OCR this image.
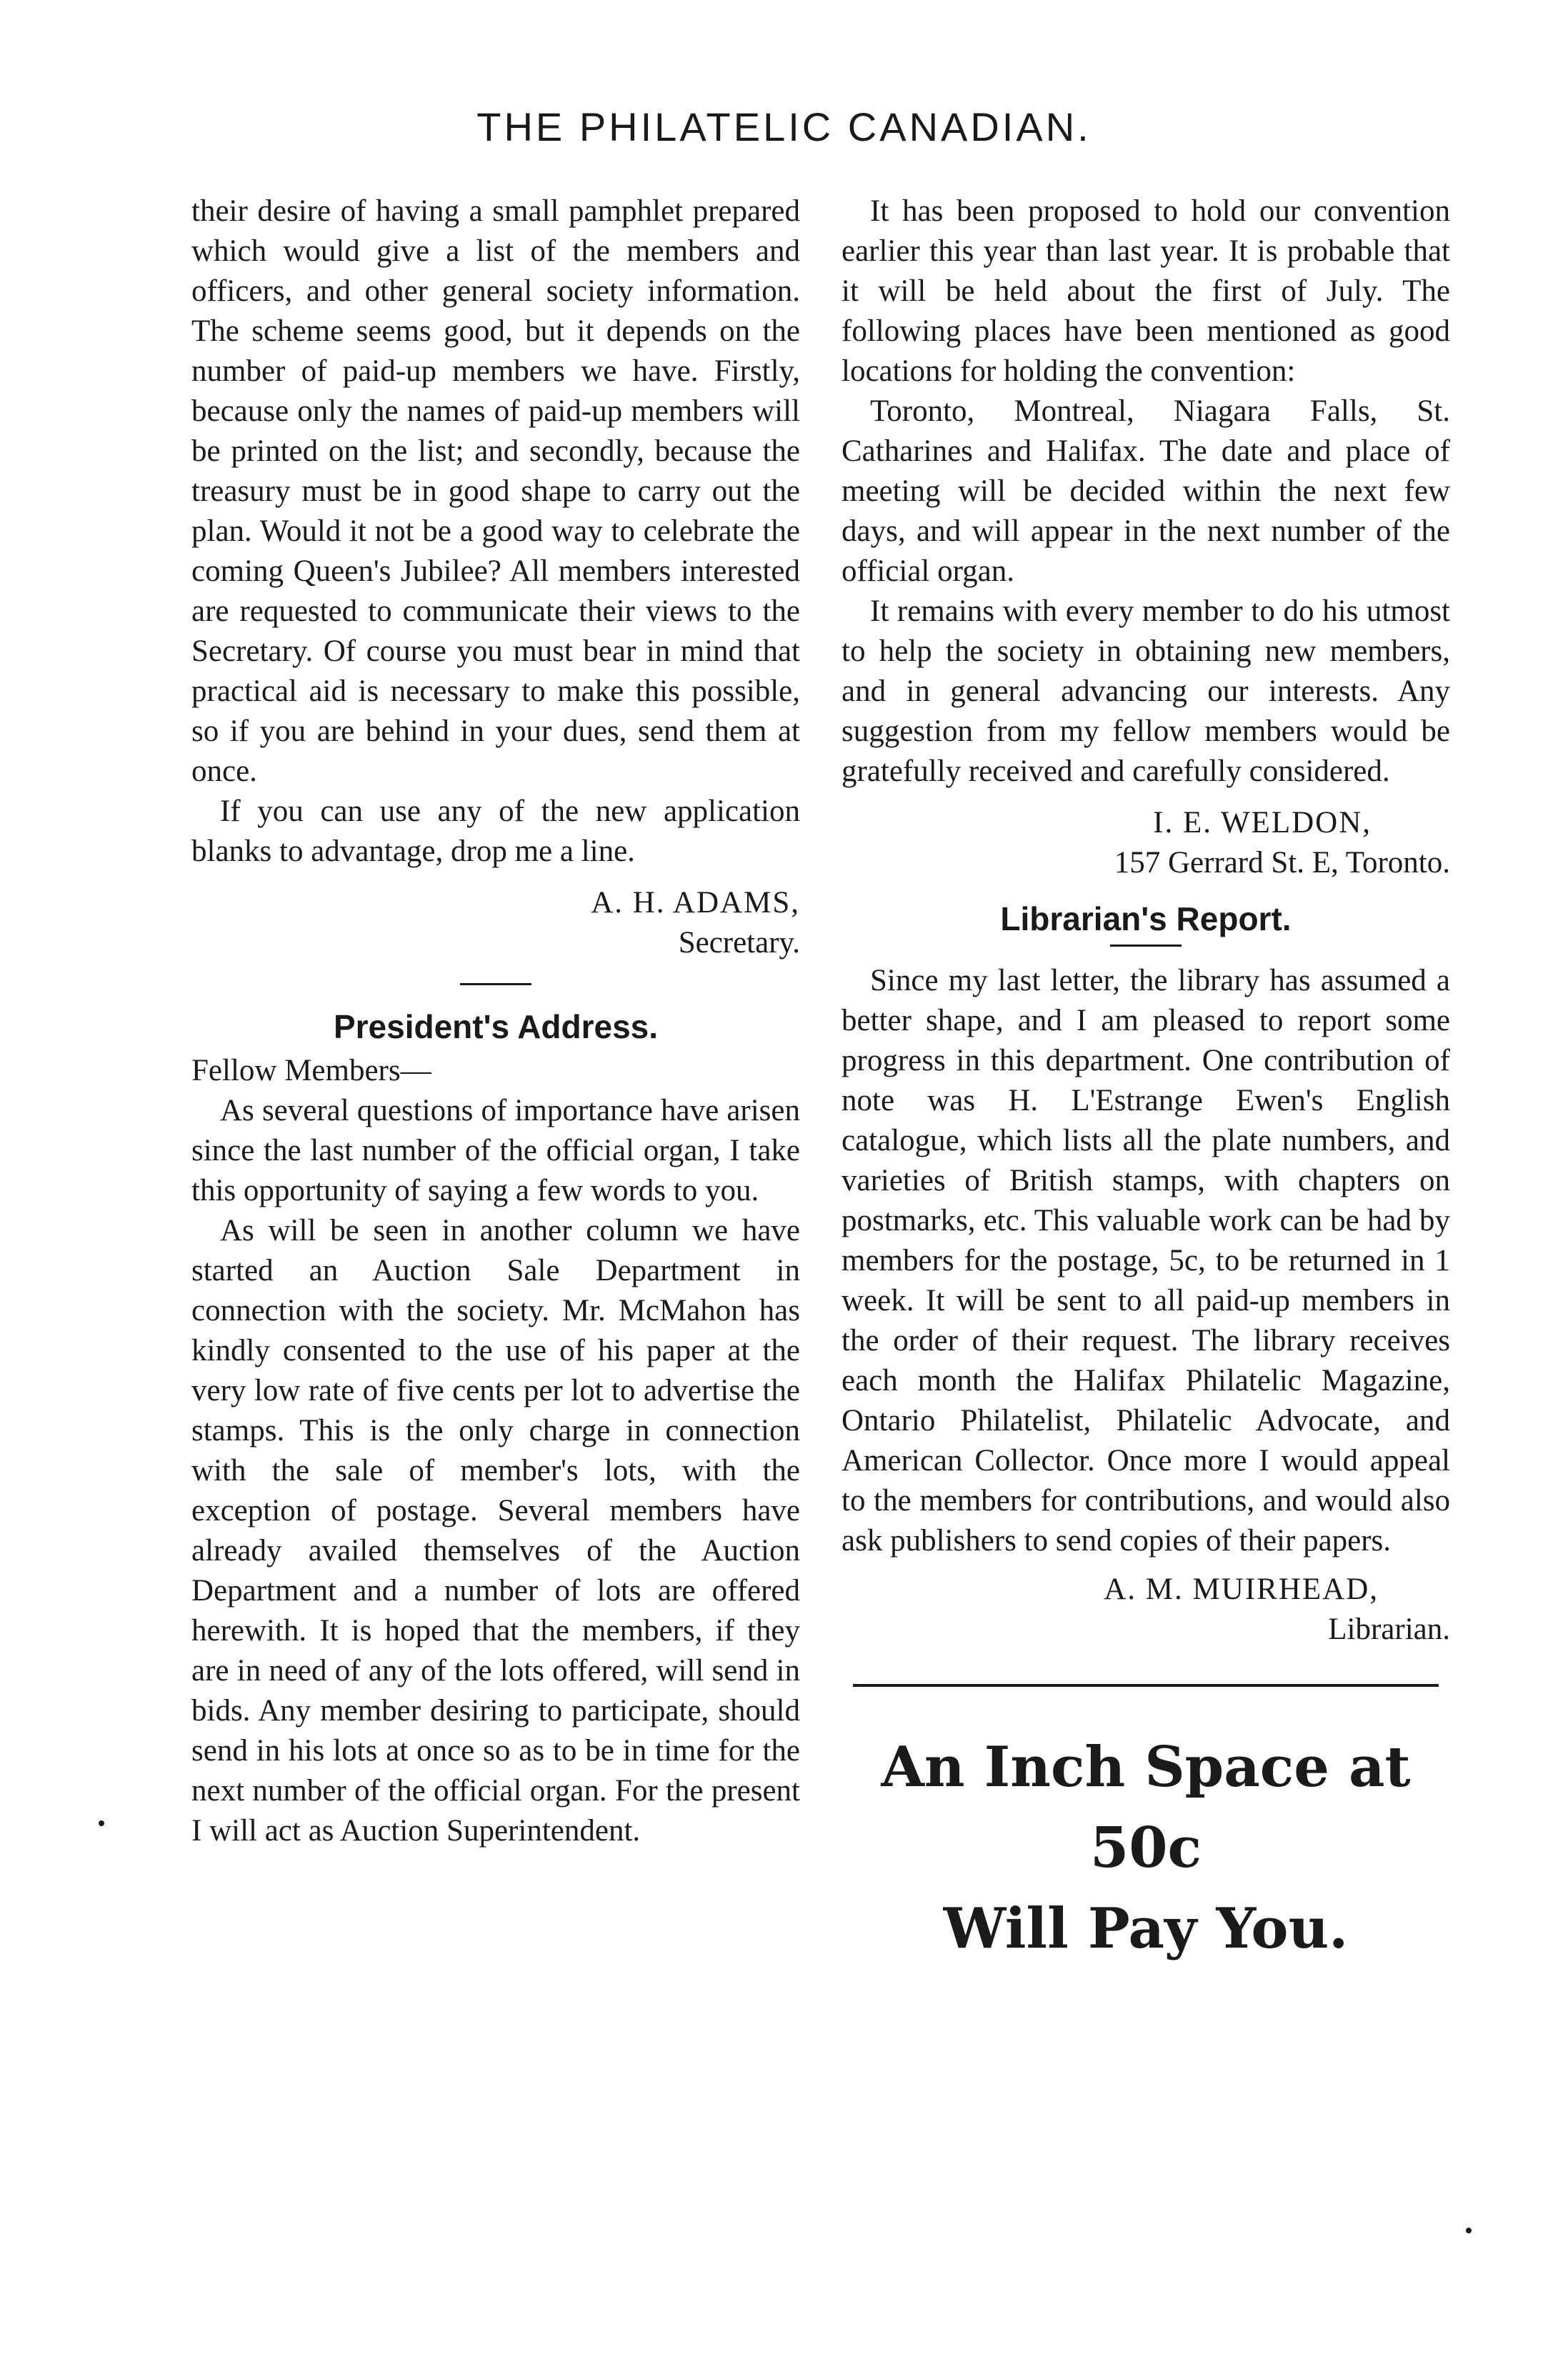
THE PHILATELIC CANADIAN.

their desire of having a small pamphlet prepared which would give a list of the members and officers, and other general society information. The scheme seems good, but it depends on the number of paid-up members we have. Firstly, because only the names of paid-up members will be printed on the list; and secondly, because the treasury must be in good shape to carry out the plan. Would it not be a good way to celebrate the coming Queen's Jubilee? All members interested are requested to communicate their views to the Secretary. Of course you must bear in mind that practical aid is necessary to make this possible, so if you are behind in your dues, send them at once.

If you can use any of the new application blanks to advantage, drop me a line.

A. H. ADAMS,
Secretary.
President's Address.

Fellow Members—

As several questions of importance have arisen since the last number of the official organ, I take this opportunity of saying a few words to you.

As will be seen in another column we have started an Auction Sale Department in connection with the society. Mr. McMahon has kindly consented to the use of his paper at the very low rate of five cents per lot to advertise the stamps. This is the only charge in connection with the sale of member's lots, with the exception of postage. Several members have already availed themselves of the Auction Department and a number of lots are offered herewith. It is hoped that the members, if they are in need of any of the lots offered, will send in bids. Any member desiring to participate, should send in his lots at once so as to be in time for the next number of the official organ. For the present I will act as Auction Superintendent.

It has been proposed to hold our convention earlier this year than last year. It is probable that it will be held about the first of July. The following places have been mentioned as good locations for holding the convention:

Toronto, Montreal, Niagara Falls, St. Catharines and Halifax. The date and place of meeting will be decided within the next few days, and will appear in the next number of the official organ.

It remains with every member to do his utmost to help the society in obtaining new members, and in general advancing our interests. Any suggestion from my fellow members would be gratefully received and carefully considered.

I. E. WELDON,
157 Gerrard St. E, Toronto.
Librarian's Report.

Since my last letter, the library has assumed a better shape, and I am pleased to report some progress in this department. One contribution of note was H. L'Estrange Ewen's English catalogue, which lists all the plate numbers, and varieties of British stamps, with chapters on postmarks, etc. This valuable work can be had by members for the postage, 5c, to be returned in 1 week. It will be sent to all paid-up members in the order of their request. The library receives each month the Halifax Philatelic Magazine, Ontario Philatelist, Philatelic Advocate, and American Collector. Once more I would appeal to the members for contributions, and would also ask publishers to send copies of their papers.

A. M. MUIRHEAD,
Librarian.
An Inch Space at 50c
Will Pay You.
